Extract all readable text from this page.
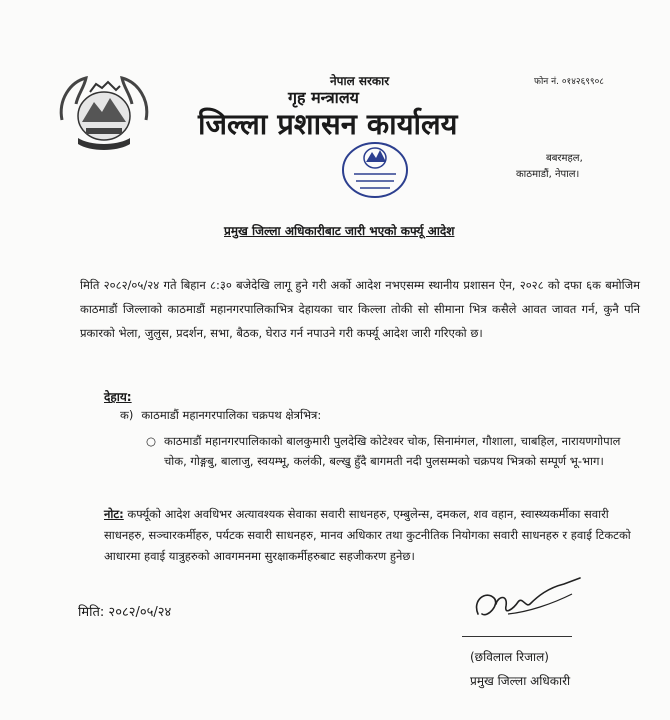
नेपाल सरकार
गृह मन्त्रालय
जिल्ला प्रशासन कार्यालय
फोन नं. ०१४२६९९०८
बबरमहल,
काठमाडौं, नेपाल।
प्रमुख जिल्ला अधिकारीबाट जारी भएको कर्फ्यू आदेश
मिति २०८२/०५/२४ गते बिहान ८:३० बजेदेखि लागू हुने गरी अर्को आदेश नभएसम्म स्थानीय प्रशासन ऐन, २०२८ को दफा ६क बमोजिम काठमाडौं जिल्लाको काठमाडौं महानगरपालिकाभित्र देहायका चार किल्ला तोकी सो सीमाना भित्र कसैले आवत जावत गर्न, कुनै पनि प्रकारको भेला, जुलुस, प्रदर्शन, सभा, बैठक, घेराउ गर्न नपाउने गरी कर्फ्यू आदेश जारी गरिएको छ।
देहाय:
क) काठमाडौं महानगरपालिका चक्रपथ क्षेत्रभित्र:
○ काठमाडौं महानगरपालिकाको बालकुमारी पुलदेखि कोटेश्वर चोक, सिनामंगल, गौशाला, चाबहिल, नारायणगोपाल चोक, गोङ्गबु, बालाजु, स्वयम्भू, कलंकी, बल्खु हुँदै बागमती नदी पुलसम्मको चक्रपथ भित्रको सम्पूर्ण भू-भाग।
नोट: कर्फ्यूको आदेश अवधिभर अत्यावश्यक सेवाका सवारी साधनहरु, एम्बुलेन्स, दमकल, शव वहान, स्वास्थ्यकर्मीका सवारी साधनहरु, सञ्चारकर्मीहरु, पर्यटक सवारी साधनहरु, मानव अधिकार तथा कुटनीतिक नियोगका सवारी साधनहरु र हवाई टिकटको आधारमा हवाई यात्रुहरुको आवगमनमा सुरक्षाकर्मीहरुबाट सहजीकरण हुनेछ।
मिति: २०८२/०५/२४
(छविलाल रिजाल)
प्रमुख जिल्ला अधिकारी
